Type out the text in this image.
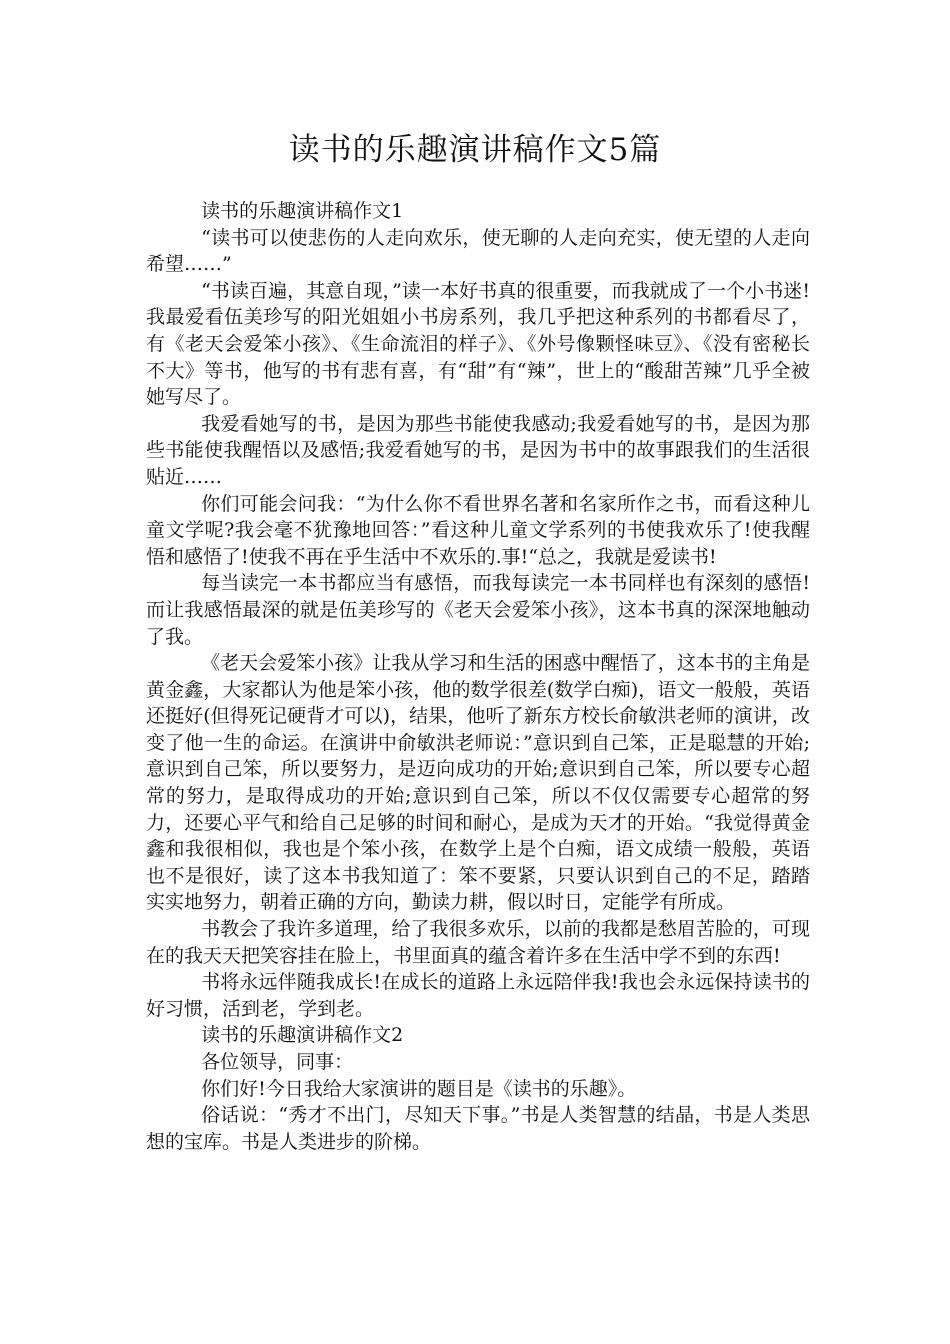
读书的乐趣演讲稿作文5篇

读书的乐趣演讲稿作文1

“读书可以使悲伤的人走向欢乐，使无聊的人走向充实，使无望的人走向希望……”

“书读百遍，其意自现，”读一本好书真的很重要，而我就成了一个小书迷!我最爱看伍美珍写的阳光姐姐小书房系列，我几乎把这种系列的书都看尽了，有《老天会爱笨小孩》、《生命流泪的样子》、《外号像颗怪味豆》、《没有密秘长不大》等书，他写的书有悲有喜，有“甜”有“辣”，世上的“酸甜苦辣”几乎全被她写尽了。

我爱看她写的书，是因为那些书能使我感动;我爱看她写的书，是因为那些书能使我醒悟以及感悟;我爱看她写的书，是因为书中的故事跟我们的生活很贴近……

你们可能会问我：“为什么你不看世界名著和名家所作之书，而看这种儿童文学呢?我会毫不犹豫地回答：”看这种儿童文学系列的书使我欢乐了!使我醒悟和感悟了!使我不再在乎生活中不欢乐的.事!“总之，我就是爱读书!

每当读完一本书都应当有感悟，而我每读完一本书同样也有深刻的感悟!而让我感悟最深的就是伍美珍写的《老天会爱笨小孩》，这本书真的深深地触动了我。

《老天会爱笨小孩》让我从学习和生活的困惑中醒悟了，这本书的主角是黄金鑫，大家都认为他是笨小孩，他的数学很差(数学白痴)，语文一般般，英语还挺好(但得死记硬背才可以)，结果，他听了新东方校长俞敏洪老师的演讲，改变了他一生的命运。在演讲中俞敏洪老师说：”意识到自己笨，正是聪慧的开始;意识到自己笨，所以要努力，是迈向成功的开始;意识到自己笨，所以要专心超常的努力，是取得成功的开始;意识到自己笨，所以不仅仅需要专心超常的努力，还要心平气和给自己足够的时间和耐心，是成为天才的开始。“我觉得黄金鑫和我很相似，我也是个笨小孩，在数学上是个白痴，语文成绩一般般，英语也不是很好，读了这本书我知道了：笨不要紧，只要认识到自己的不足，踏踏实实地努力，朝着正确的方向，勤读力耕，假以时日，定能学有所成。

书教会了我许多道理，给了我很多欢乐，以前的我都是愁眉苦脸的，可现在的我天天把笑容挂在脸上，书里面真的蕴含着许多在生活中学不到的东西!

书将永远伴随我成长!在成长的道路上永远陪伴我!我也会永远保持读书的好习惯，活到老，学到老。

读书的乐趣演讲稿作文2

各位领导，同事：

你们好!今日我给大家演讲的题目是《读书的乐趣》。

俗话说：“秀才不出门，尽知天下事。”书是人类智慧的结晶，书是人类思想的宝库。书是人类进步的阶梯。
